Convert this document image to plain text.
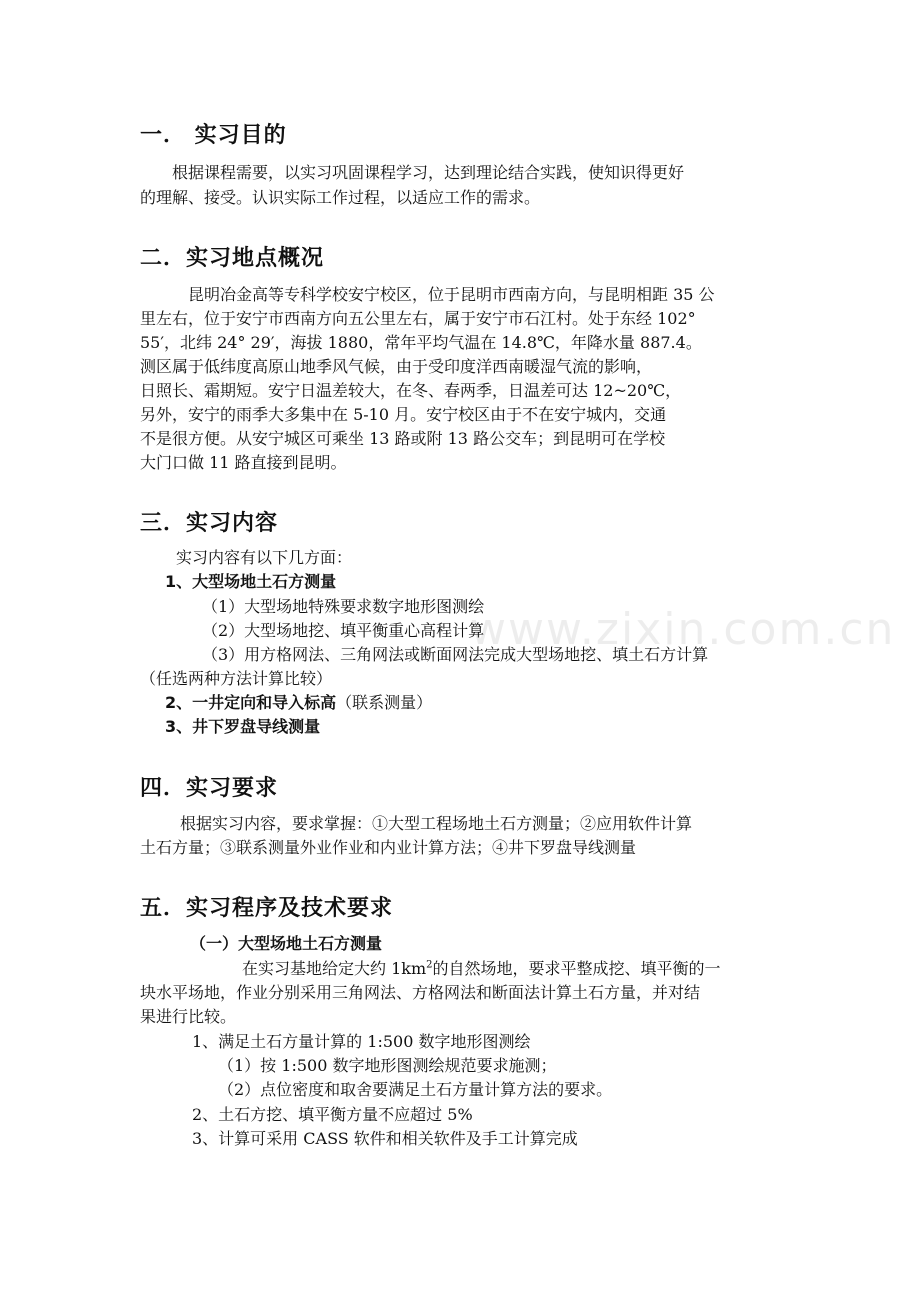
www.zixin.com.cn
一． 实习目的
根据课程需要，以实习巩固课程学习，达到理论结合实践，使知识得更好
的理解、接受。认识实际工作过程，以适应工作的需求。
二．实习地点概况
昆明冶金高等专科学校安宁校区，位于昆明市西南方向，与昆明相距 35 公
里左右，位于安宁市西南方向五公里左右，属于安宁市石江村。处于东经 102°
55′，北纬 24° 29′，海拔 1880，常年平均气温在 14.8℃，年降水量 887.4。
测区属于低纬度高原山地季风气候，由于受印度洋西南暖湿气流的影响，
日照长、霜期短。安宁日温差较大，在冬、春两季，日温差可达 12~20℃，
另外，安宁的雨季大多集中在 5-10 月。安宁校区由于不在安宁城内，交通
不是很方便。从安宁城区可乘坐 13 路或附 13 路公交车；到昆明可在学校
大门口做 11 路直接到昆明。
三．实习内容
实习内容有以下几方面：
1、大型场地土石方测量
（1）大型场地特殊要求数字地形图测绘
（2）大型场地挖、填平衡重心高程计算
（3）用方格网法、三角网法或断面网法完成大型场地挖、填土石方计算
（任选两种方法计算比较）
2、一井定向和导入标高（联系测量）
3、井下罗盘导线测量
四．实习要求
根据实习内容，要求掌握：①大型工程场地土石方测量；②应用软件计算
土石方量；③联系测量外业作业和内业计算方法；④井下罗盘导线测量
五．实习程序及技术要求
（一）大型场地土石方测量
在实习基地给定大约 $1km^2$的自然场地，要求平整成挖、填平衡的一
块水平场地，作业分别采用三角网法、方格网法和断面法计算土石方量，并对结
果进行比较。
1、满足土石方量计算的 1:500 数字地形图测绘
（1）按 1:500 数字地形图测绘规范要求施测；
（2）点位密度和取舍要满足土石方量计算方法的要求。
2、土石方挖、填平衡方量不应超过 5%
3、计算可采用 CASS 软件和相关软件及手工计算完成
